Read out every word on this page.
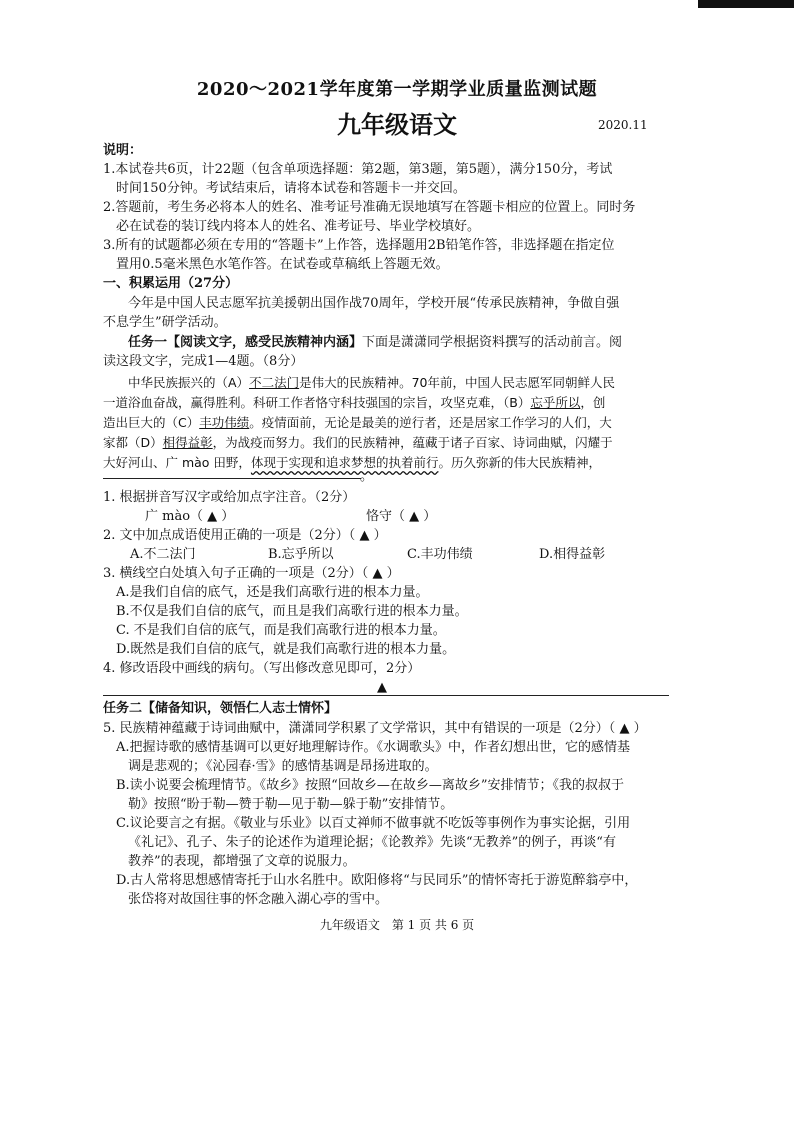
2020～2021学年度第一学期学业质量监测试题
九年级语文	2020.11
说明：
1.本试卷共6页，计22题（包含单项选择题：第2题，第3题，第5题），满分150分，考试
时间150分钟。考试结束后，请将本试卷和答题卡一并交回。
2.答题前，考生务必将本人的姓名、准考证号准确无误地填写在答题卡相应的位置上。同时务
必在试卷的装订线内将本人的姓名、准考证号、毕业学校填好。
3.所有的试题都必须在专用的“答题卡”上作答，选择题用2B铅笔作答，非选择题在指定位
置用0.5毫米黑色水笔作答。在试卷或草稿纸上答题无效。
一、积累运用（27分）
今年是中国人民志愿军抗美援朝出国作战70周年，学校开展“传承民族精神，争做自强
不息学生”研学活动。
任务一【阅读文字，感受民族精神内涵】下面是潇潇同学根据资料撰写的活动前言。阅
读这段文字，完成1—4题。（8分）
中华民族振兴的（A）不二法门是伟大的民族精神。70年前，中国人民志愿军同朝鲜人民
一道浴血奋战，赢得胜利。科研工作者恪守科技强国的宗旨，攻坚克难，（B）忘乎所以，创
造出巨大的（C）丰功伟绩。疫情面前，无论是最美的逆行者，还是居家工作学习的人们，大
家都（D）相得益彰，为战疫而努力。我们的民族精神，蕴藏于诸子百家、诗词曲赋，闪耀于
大好河山、广 mào 田野，体现于实现和追求梦想的执着前行。历久弥新的伟大民族精神，
。
1. 根据拼音写汉字或给加点字注音。（2分）
广 mào（ ▲ ）	恪守（ ▲ ）
2. 文中加点成语使用正确的一项是（2分）（ ▲ ）
A.不二法门	B.忘乎所以	C.丰功伟绩	D.相得益彰
3. 横线空白处填入句子正确的一项是（2分）（ ▲ ）
A.是我们自信的底气，还是我们高歌行进的根本力量。
B.不仅是我们自信的底气，而且是我们高歌行进的根本力量。
C. 不是我们自信的底气，而是我们高歌行进的根本力量。
D.既然是我们自信的底气，就是我们高歌行进的根本力量。
4. 修改语段中画线的病句。（写出修改意见即可，2分）
▲
任务二【储备知识，领悟仁人志士情怀】
5. 民族精神蕴藏于诗词曲赋中，潇潇同学积累了文学常识，其中有错误的一项是（2分）（ ▲ ）
A.把握诗歌的感情基调可以更好地理解诗作。《水调歌头》中，作者幻想出世，它的感情基
调是悲观的；《沁园春·雪》的感情基调是昂扬进取的。
B.读小说要会梳理情节。《故乡》按照“回故乡—在故乡—离故乡”安排情节；《我的叔叔于
勒》按照“盼于勒—赞于勒—见于勒—躲于勒”安排情节。
C.议论要言之有据。《敬业与乐业》以百丈禅师不做事就不吃饭等事例作为事实论据，引用
《礼记》、孔子、朱子的论述作为道理论据；《论教养》先谈“无教养”的例子，再谈“有
教养”的表现，都增强了文章的说服力。
D.古人常将思想感情寄托于山水名胜中。欧阳修将“与民同乐”的情怀寄托于游览醉翁亭中，
张岱将对故国往事的怀念融入湖心亭的雪中。
九年级语文　第 1 页 共 6 页
